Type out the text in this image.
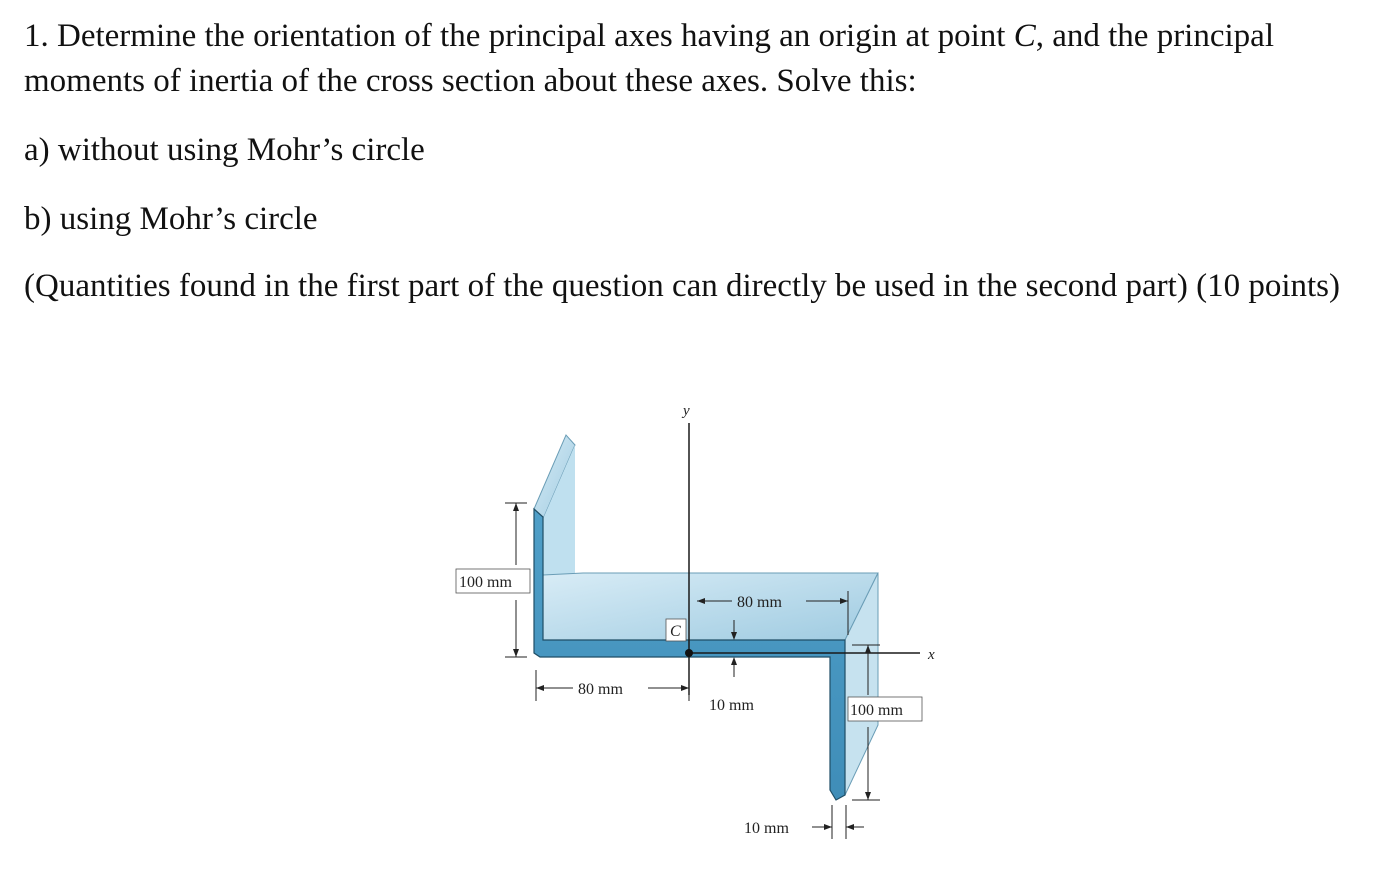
1. Determine the orientation of the principal axes having an origin at point C, and the principal moments of inertia of the cross section about these axes. Solve this:

a) without using Mohr’s circle

b) using Mohr’s circle

(Quantities found in the first part of the question can directly be used in the second part) (10 points)

y
x
C
100 mm
80 mm
80 mm
10 mm	100 mm
10 mm
